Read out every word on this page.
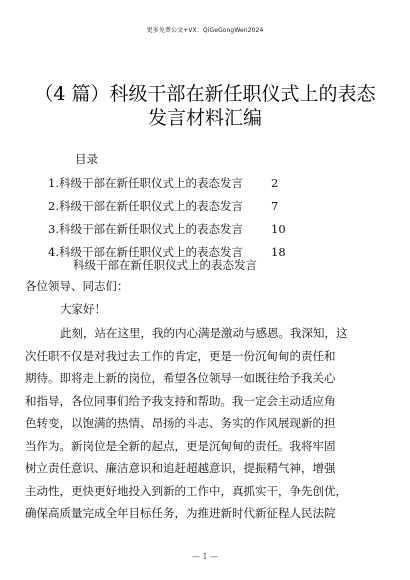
更多免费公文+VX：QiGeGongWen2024
（4 篇）科级干部在新任职仪式上的表态
发言材料汇编
目录
1.科级干部在新任职仪式上的表态发言 2
2.科级干部在新任职仪式上的表态发言 7
3.科级干部在新任职仪式上的表态发言 10
4.科级干部在新任职仪式上的表态发言 18
科级干部在新任职仪式上的表态发言
各位领导、同志们：
大家好！
此刻，站在这里，我的内心满是激动与感恩。我深知，这
次任职不仅是对我过去工作的肯定，更是一份沉甸甸的责任和
期待。即将走上新的岗位，希望各位领导一如既往给予我关心
和指导，各位同事们给予我支持和帮助。我一定会主动适应角
色转变，以饱满的热情、昂扬的斗志、务实的作风展现新的担
当作为。新岗位是全新的起点，更是沉甸甸的责任。我将牢固
树立责任意识、廉洁意识和追赶超越意识，提振精气神，增强
主动性，更快更好地投入到新的工作中，真抓实干，争先创优，
确保高质量完成全年目标任务，为推进新时代新征程人民法院
— 1 —
